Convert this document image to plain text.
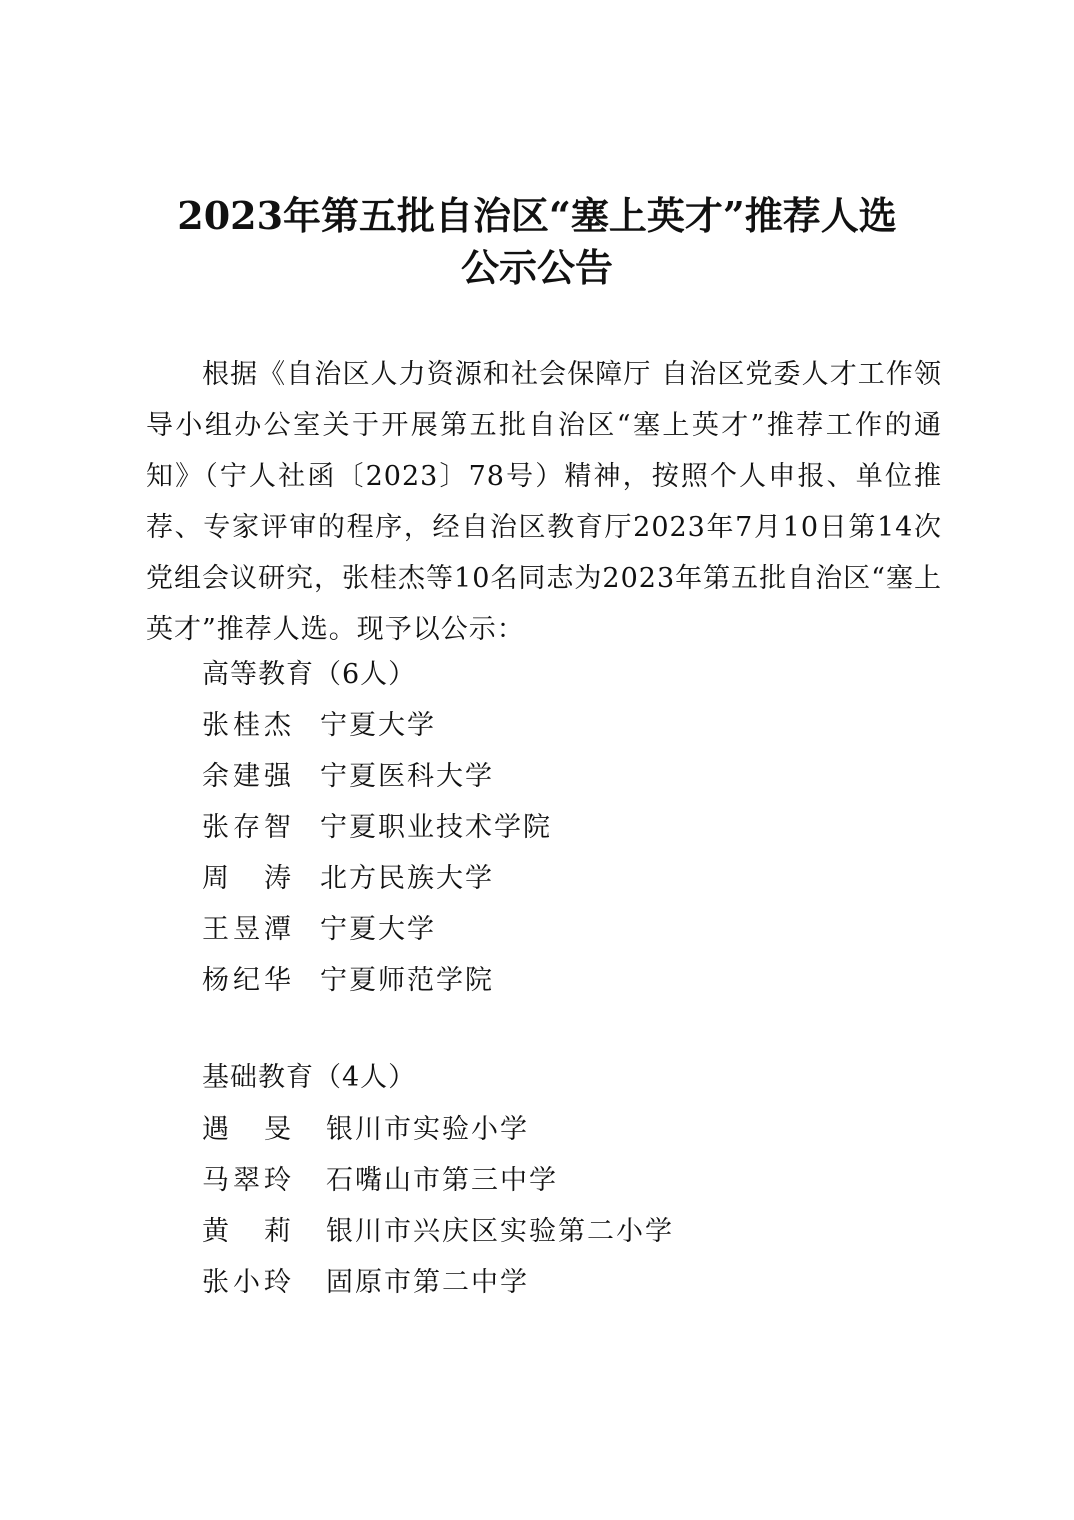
2023年第五批自治区“塞上英才”推荐人选
公示公告

根据《自治区人力资源和社会保障厅 自治区党委人才工作领导小组办公室关于开展第五批自治区“塞上英才”推荐工作的通知》（宁人社函〔2023〕78号）精神，按照个人申报、单位推荐、专家评审的程序，经自治区教育厅2023年7月10日第14次党组会议研究，张桂杰等10名同志为2023年第五批自治区“塞上英才”推荐人选。现予以公示：

高等教育（6人）
张桂杰 宁夏大学
余建强 宁夏医科大学
张存智 宁夏职业技术学院
周　涛 北方民族大学
王昱潭 宁夏大学
杨纪华 宁夏师范学院
基础教育（4人）
遇　旻	银川市实验小学
马翠玲	石嘴山市第三中学
黄　莉	银川市兴庆区实验第二小学
张小玲	固原市第二中学
